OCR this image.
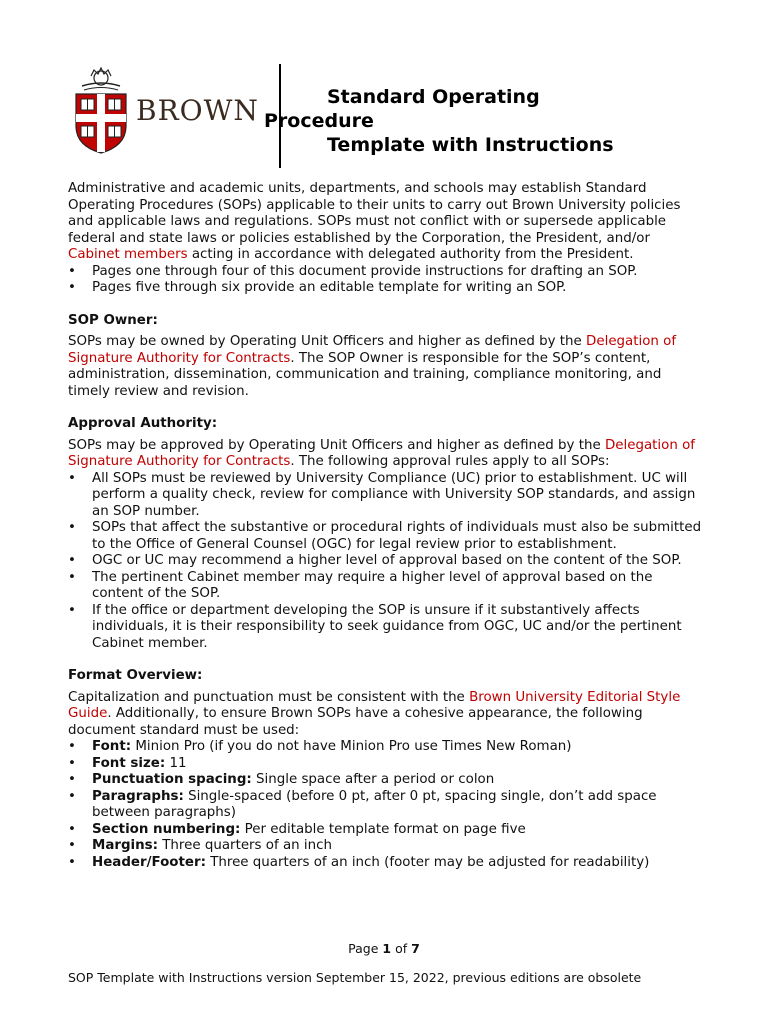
BROWN	Standard Operating
Procedure
Template with Instructions

Administrative and academic units, departments, and schools may establish Standard Operating Procedures (SOPs) applicable to their units to carry out Brown University policies and applicable laws and regulations. SOPs must not conflict with or supersede applicable federal and state laws or policies established by the Corporation, the President, and/or Cabinet members acting in accordance with delegated authority from the President.

• Pages one through four of this document provide instructions for drafting an SOP.
• Pages five through six provide an editable template for writing an SOP.
SOP Owner:

SOPs may be owned by Operating Unit Officers and higher as defined by the Delegation of Signature Authority for Contracts. The SOP Owner is responsible for the SOP’s content, administration, dissemination, communication and training, compliance monitoring, and timely review and revision.

Approval Authority:

SOPs may be approved by Operating Unit Officers and higher as defined by the Delegation of Signature Authority for Contracts. The following approval rules apply to all SOPs:

• All SOPs must be reviewed by University Compliance (UC) prior to establishment. UC will perform a quality check, review for compliance with University SOP standards, and assign an SOP number.
• SOPs that affect the substantive or procedural rights of individuals must also be submitted to the Office of General Counsel (OGC) for legal review prior to establishment.
• OGC or UC may recommend a higher level of approval based on the content of the SOP.
• The pertinent Cabinet member may require a higher level of approval based on the content of the SOP.
• If the office or department developing the SOP is unsure if it substantively affects individuals, it is their responsibility to seek guidance from OGC, UC and/or the pertinent Cabinet member.
Format Overview:

Capitalization and punctuation must be consistent with the Brown University Editorial Style Guide. Additionally, to ensure Brown SOPs have a cohesive appearance, the following document standard must be used:

• Font: Minion Pro (if you do not have Minion Pro use Times New Roman)
• Font size: 11
• Punctuation spacing: Single space after a period or colon
• Paragraphs: Single-spaced (before 0 pt, after 0 pt, spacing single, don’t add space between paragraphs)
• Section numbering: Per editable template format on page five
• Margins: Three quarters of an inch
• Header/Footer: Three quarters of an inch (footer may be adjusted for readability)
Page 1 of 7
SOP Template with Instructions version September 15, 2022, previous editions are obsolete
